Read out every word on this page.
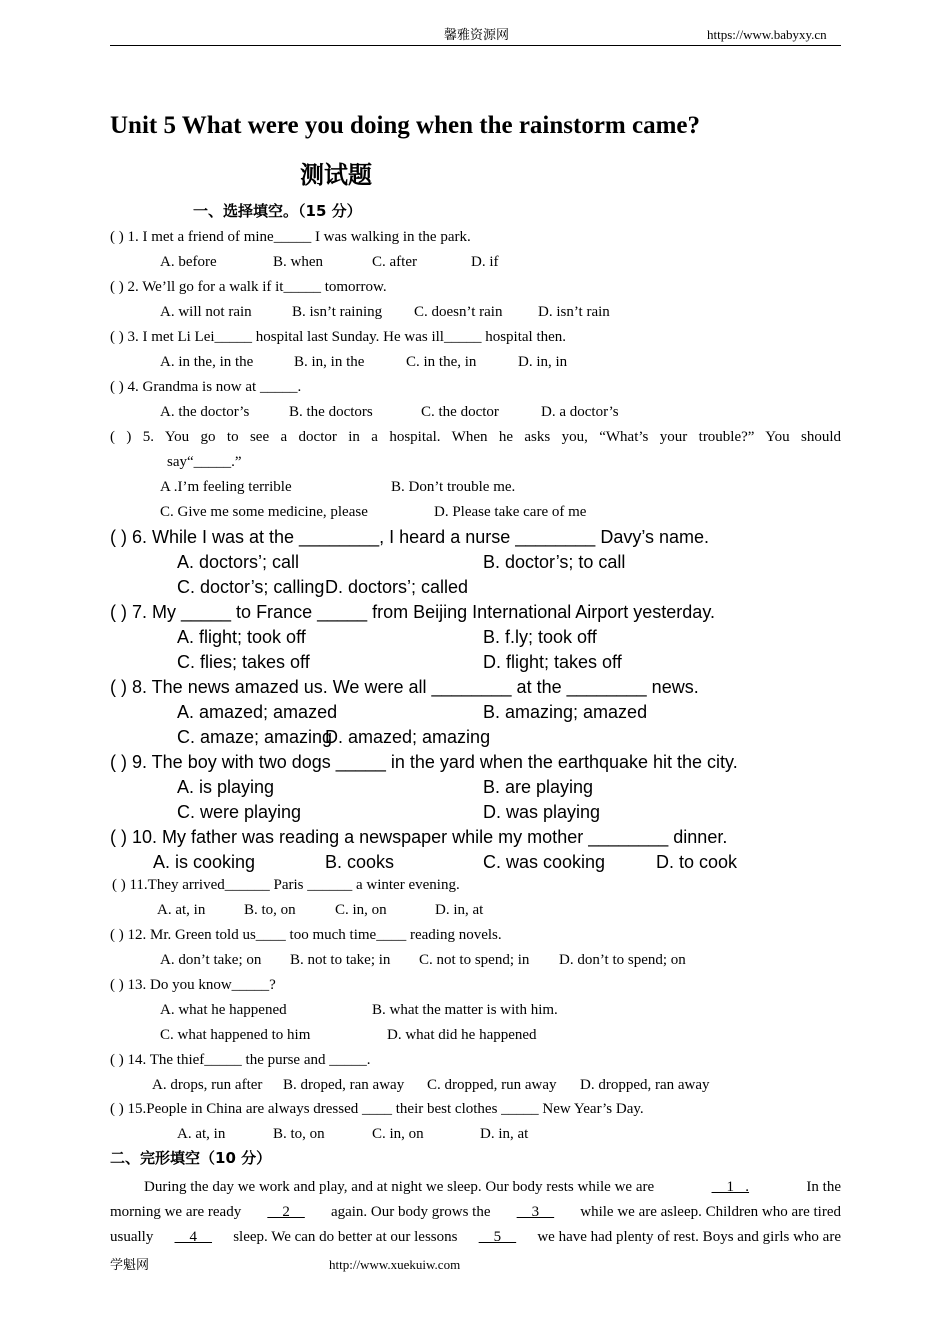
馨雅资源网	https://www.babyxy.cn
Unit 5 What were you doing when the rainstorm came?
测试题
一、选择填空。（15 分）
( ) 1. I met a friend of mine_____ I was walking in the park.
A. before	B. when	C. after	D. if
( ) 2. We’ll go for a walk if it_____ tomorrow.
A. will not rain	B. isn’t raining C. doesn’t rain D. isn’t rain
( ) 3. I met Li Lei_____ hospital last Sunday. He was ill_____ hospital then.
A. in the, in the	B. in, in the	C. in the, in	D. in, in
( ) 4. Grandma is now at _____.
A. the doctor’s	B. the doctors	C. the doctor	D. a doctor’s
( ) 5. You go to see a doctor in a hospital. When he asks you, “What’s your trouble?” You should
say“_____.”
A .I’m feeling terrible	B. Don’t trouble me.
C. Give me some medicine, please	D. Please take care of me
( ) 6. While I was at the ________, I heard a nurse ________ Davy’s name.
A. doctors’; call	B. doctor’s; to call
C. doctor’s; calling D. doctors’; called
( ) 7. My _____ to France _____ from Beijing International Airport yesterday.
A. flight; took off	B. f.ly; took off
C. flies; takes off	D. flight; takes off
( ) 8. The news amazed us. We were all ________ at the ________ news.
A. amazed; amazed	B. amazing; amazed
C. amaze; amazing
D. amazed; amazing
( ) 9. The boy with two dogs _____ in the yard when the earthquake hit the city.
A. is playing	B. are playing
C. were playing	D. was playing
( ) 10. My father was reading a newspaper while my mother ________ dinner.
A. is cooking	B. cooks	C. was cooking	D. to cook
( ) 11.They arrived______ Paris ______ a winter evening.
A. at, in	B. to, on	C. in, on	D. in, at
( ) 12. Mr. Green told us____ too much time____ reading novels.
A. don’t take; on B. not to take; in C. not to spend; in D. don’t to spend; on
( ) 13. Do you know_____?
A. what he happened	B. what the matter is with him.
C. what happened to him	D. what did he happened
( ) 14. The thief_____ the purse and _____.
A. drops, run after B. droped, ran away C. dropped, run away D. dropped, ran away
( ) 15.People in China are always dressed ____ their best clothes _____ New Year’s Day.
A. at, in	B. to, on	C. in, on	D. in, at
二、完形填空（10 分）
During the day we work and play, and at night we sleep. Our body rests while we are	1   .	In the
morning we are ready 2 again. Our body grows the 3 while we are asleep. Children who are tired
usually 4 sleep. We can do better at our lessons 5 we have had plenty of rest. Boys and girls who are
学魁网	http://www.xuekuiw.com
